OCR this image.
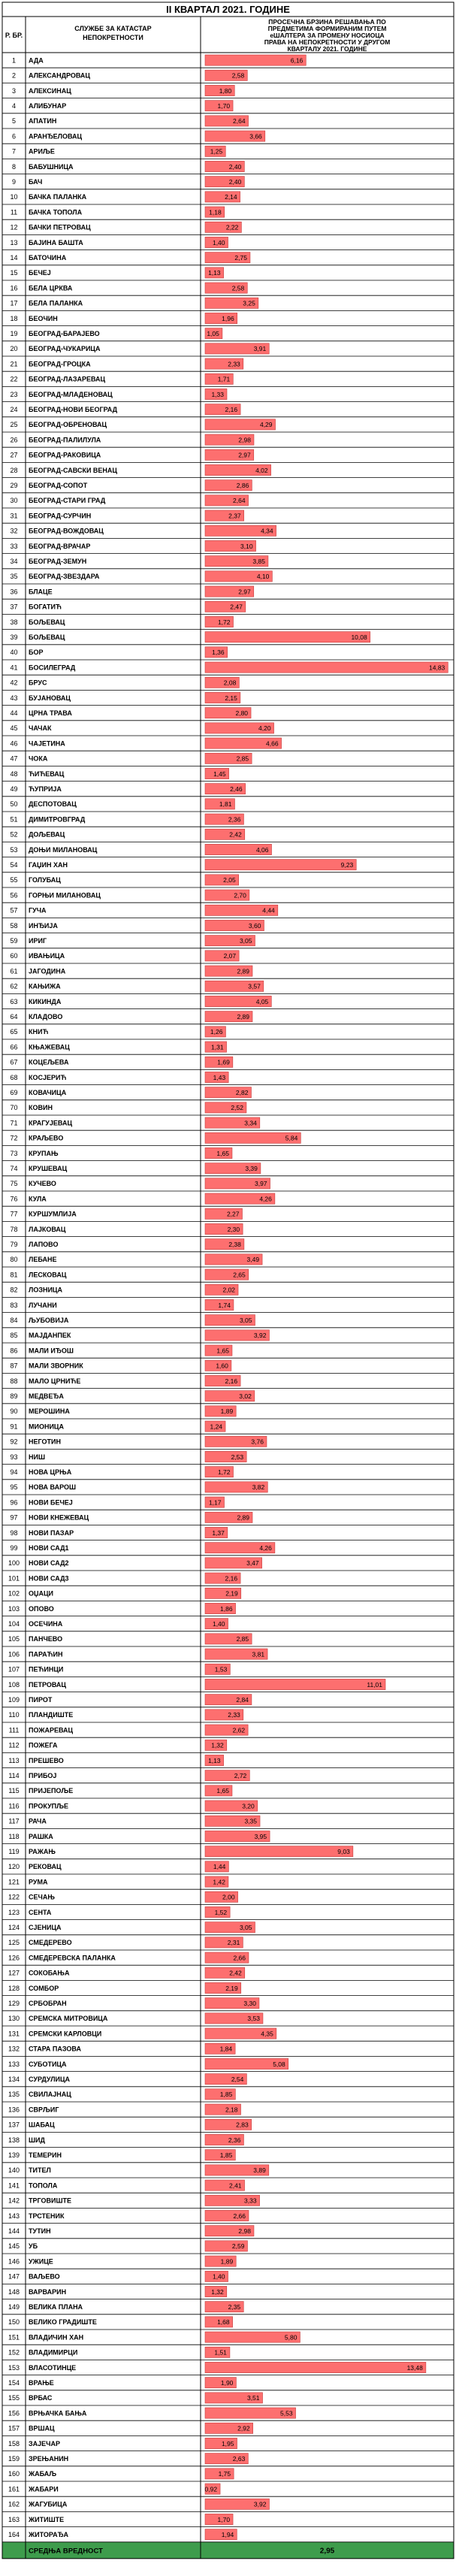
II КВАРТАЛ 2021. ГОДИНЕ
Р. БР.
СЛУЖБЕ ЗА КАТАСТАР НЕПОКРЕТНОСТИ
ПРОСЕЧНА БРЗИНА РЕШАВАЊА ПО ПРЕДМЕТИМА ФОРМИРАНИМ ПУТЕМ еШАЛТЕРА ЗА ПРОМЕНУ НОСИОЦА ПРАВА НА НЕПОКРЕТНОСТИ У ДРУГОМ КВАРТАЛУ 2021. ГОДИНЕ
1 АДА	6,16
2 АЛЕКСАНДРОВАЦ	2,58
3 АЛЕКСИНАЦ	1,80
4 АЛИБУНАР	1,70
5 АПАТИН	2,64
6 АРАНЂЕЛОВАЦ	3,66
7 АРИЉЕ	1,25
8 БАБУШНИЦА	2,40
9 БАЧ	2,40
10 БАЧКА ПАЛАНКА	2,14
11 БАЧКА ТОПОЛА	1,18
12 БАЧКИ ПЕТРОВАЦ	2,22
13 БАЈИНА БАШТА	1,40
14 БАТОЧИНА	2,75
15 БЕЧЕЈ	1,13
16 БЕЛА ЦРКВА	2,58
17 БЕЛА ПАЛАНКА	3,25
18 БЕОЧИН	1,96
19 БЕОГРАД-БАРАЈЕВО	1,05
20 БЕОГРАД-ЧУКАРИЦА	3,91
21 БЕОГРАД-ГРОЦКА	2,33
22 БЕОГРАД-ЛАЗАРЕВАЦ	1,71
23 БЕОГРАД-МЛАДЕНОВАЦ	1,33
24 БЕОГРАД-НОВИ БЕОГРАД	2,16
25 БЕОГРАД-ОБРЕНОВАЦ	4,29
26 БЕОГРАД-ПАЛИЛУЛА	2,98
27 БЕОГРАД-РАКОВИЦА	2,97
28 БЕОГРАД-САВСКИ ВЕНАЦ	4,02
29 БЕОГРАД-СОПОТ	2,86
30 БЕОГРАД-СТАРИ ГРАД	2,64
31 БЕОГРАД-СУРЧИН	2,37
32 БЕОГРАД-ВОЖДОВАЦ	4,34
33 БЕОГРАД-ВРАЧАР	3,10
34 БЕОГРАД-ЗЕМУН	3,85
35 БЕОГРАД-ЗВЕЗДАРА	4,10
36 БЛАЦЕ	2,97
37 БОГАТИЋ	2,47
38 БОЉЕВАЦ	1,72
39 БОЉЕВАЦ	10,08
40 БОР	1,36
41 БОСИЛЕГРАД	14,83
42 БРУС	2,08
43 БУЈАНОВАЦ	2,15
44 ЦРНА ТРАВА	2,80
45 ЧАЧАК	4,20
46 ЧАЈЕТИНА	4,66
47 ЧОКА	2,85
48 ЋИЋЕВАЦ	1,45
49 ЋУПРИЈА	2,46
50 ДЕСПОТОВАЦ	1,81
51 ДИМИТРОВГРАД	2,36
52 ДОЉЕВАЦ	2,42
53 ДОЊИ МИЛАНОВАЦ	4,06
54 ГАЏИН ХАН	9,23
55 ГОЛУБАЦ	2,05
56 ГОРЊИ МИЛАНОВАЦ	2,70
57 ГУЧА	4,44
58 ИНЂИЈА	3,60
59 ИРИГ	3,05
60 ИВАЊИЦА	2,07
61 ЈАГОДИНА	2,89
62 КАЊИЖА	3,57
63 КИКИНДА	4,05
64 КЛАДОВО	2,89
65 КНИЋ	1,26
66 КЊАЖЕВАЦ	1,31
67 КОЦЕЉЕВА	1,69
68 КОСЈЕРИЋ	1,43
69 КОВАЧИЦА	2,82
70 КОВИН	2,52
71 КРАГУЈЕВАЦ	3,34
72 КРАЉЕВО	5,84
73 КРУПАЊ	1,65
74 КРУШЕВАЦ	3,39
75 КУЧЕВО	3,97
76 КУЛА	4,26
77 КУРШУМЛИЈА	2,27
78 ЛАЈКОВАЦ	2,30
79 ЛАПОВО	2,38
80 ЛЕБАНЕ	3,49
81 ЛЕСКОВАЦ	2,65
82 ЛОЗНИЦА	2,02
83 ЛУЧАНИ	1,74
84 ЉУБОВИЈА	3,05
85 МАЈДАНПЕК	3,92
86 МАЛИ ИЂОШ	1,65
87 МАЛИ ЗВОРНИК	1,60
88 МАЛО ЦРНИЋЕ	2,16
89 МЕДВЕЂА	3,02
90 МЕРОШИНА	1,89
91 МИОНИЦА	1,24
92 НЕГОТИН	3,76
93 НИШ	2,53
94 НОВА ЦРЊА	1,72
95 НОВА ВАРОШ	3,82
96 НОВИ БЕЧЕЈ	1,17
97 НОВИ КНЕЖЕВАЦ	2,89
98 НОВИ ПАЗАР	1,37
99 НОВИ САД1	4,26
100 НОВИ САД2	3,47
101 НОВИ САД3	2,16
102 ОЏАЦИ	2,19
103 ОПОВО	1,86
104 ОСЕЧИНА	1,40
105 ПАНЧЕВО	2,85
106 ПАРАЋИН	3,81
107 ПЕЋИНЦИ	1,53
108 ПЕТРОВАЦ	11,01
109 ПИРОТ	2,84
110 ПЛАНДИШТЕ	2,33
111 ПОЖАРЕВАЦ	2,62
112 ПОЖЕГА	1,32
113 ПРЕШЕВО	1,13
114 ПРИБОЈ	2,72
115 ПРИЈЕПОЉЕ	1,65
116 ПРОКУПЉЕ	3,20
117 РАЧА	3,35
118 РАШКА	3,95
119 РАЖАЊ	9,03
120 РЕКОВАЦ	1,44
121 РУМА	1,42
122 СЕЧАЊ	2,00
123 СЕНТА	1,52
124 СЈЕНИЦА	3,05
125 СМЕДЕРЕВО	2,31
126 СМЕДЕРЕВСКА ПАЛАНКА	2,66
127 СОКОБАЊА	2,42
128 СОМБОР	2,19
129 СРБОБРАН	3,30
130 СРЕМСКА МИТРОВИЦА	3,53
131 СРЕМСКИ КАРЛОВЦИ	4,35
132 СТАРА ПАЗОВА	1,84
133 СУБОТИЦА	5,08
134 СУРДУЛИЦА	2,54
135 СВИЛАЈНАЦ	1,85
136 СВРЉИГ	2,18
137 ШАБАЦ	2,83
138 ШИД	2,36
139 ТЕМЕРИН	1,85
140 ТИТЕЛ	3,89
141 ТОПОЛА	2,41
142 ТРГОВИШТЕ	3,33
143 ТРСТЕНИК	2,66
144 ТУТИН	2,98
145 УБ	2,59
146 УЖИЦЕ	1,89
147 ВАЉЕВО	1,40
148 ВАРВАРИН	1,32
149 ВЕЛИКА ПЛАНА	2,35
150 ВЕЛИКО ГРАДИШТЕ	1,68
151 ВЛАДИЧИН ХАН	5,80
152 ВЛАДИМИРЦИ	1,51
153 ВЛАСОТИНЦЕ	13,48
154 ВРАЊЕ	1,90
155 ВРБАС	3,51
156 ВРЊАЧКА БАЊА	5,53
157 ВРШАЦ	2,92
158 ЗАЈЕЧАР	1,95
159 ЗРЕЊАНИН	2,63
160 ЖАБАЉ	1,75
161 ЖАБАРИ	0,92
162 ЖАГУБИЦА	3,92
163 ЖИТИШТЕ	1,70
164 ЖИТОРАЂА	1,94
СРЕДЊА ВРЕДНОСТ	2,95
